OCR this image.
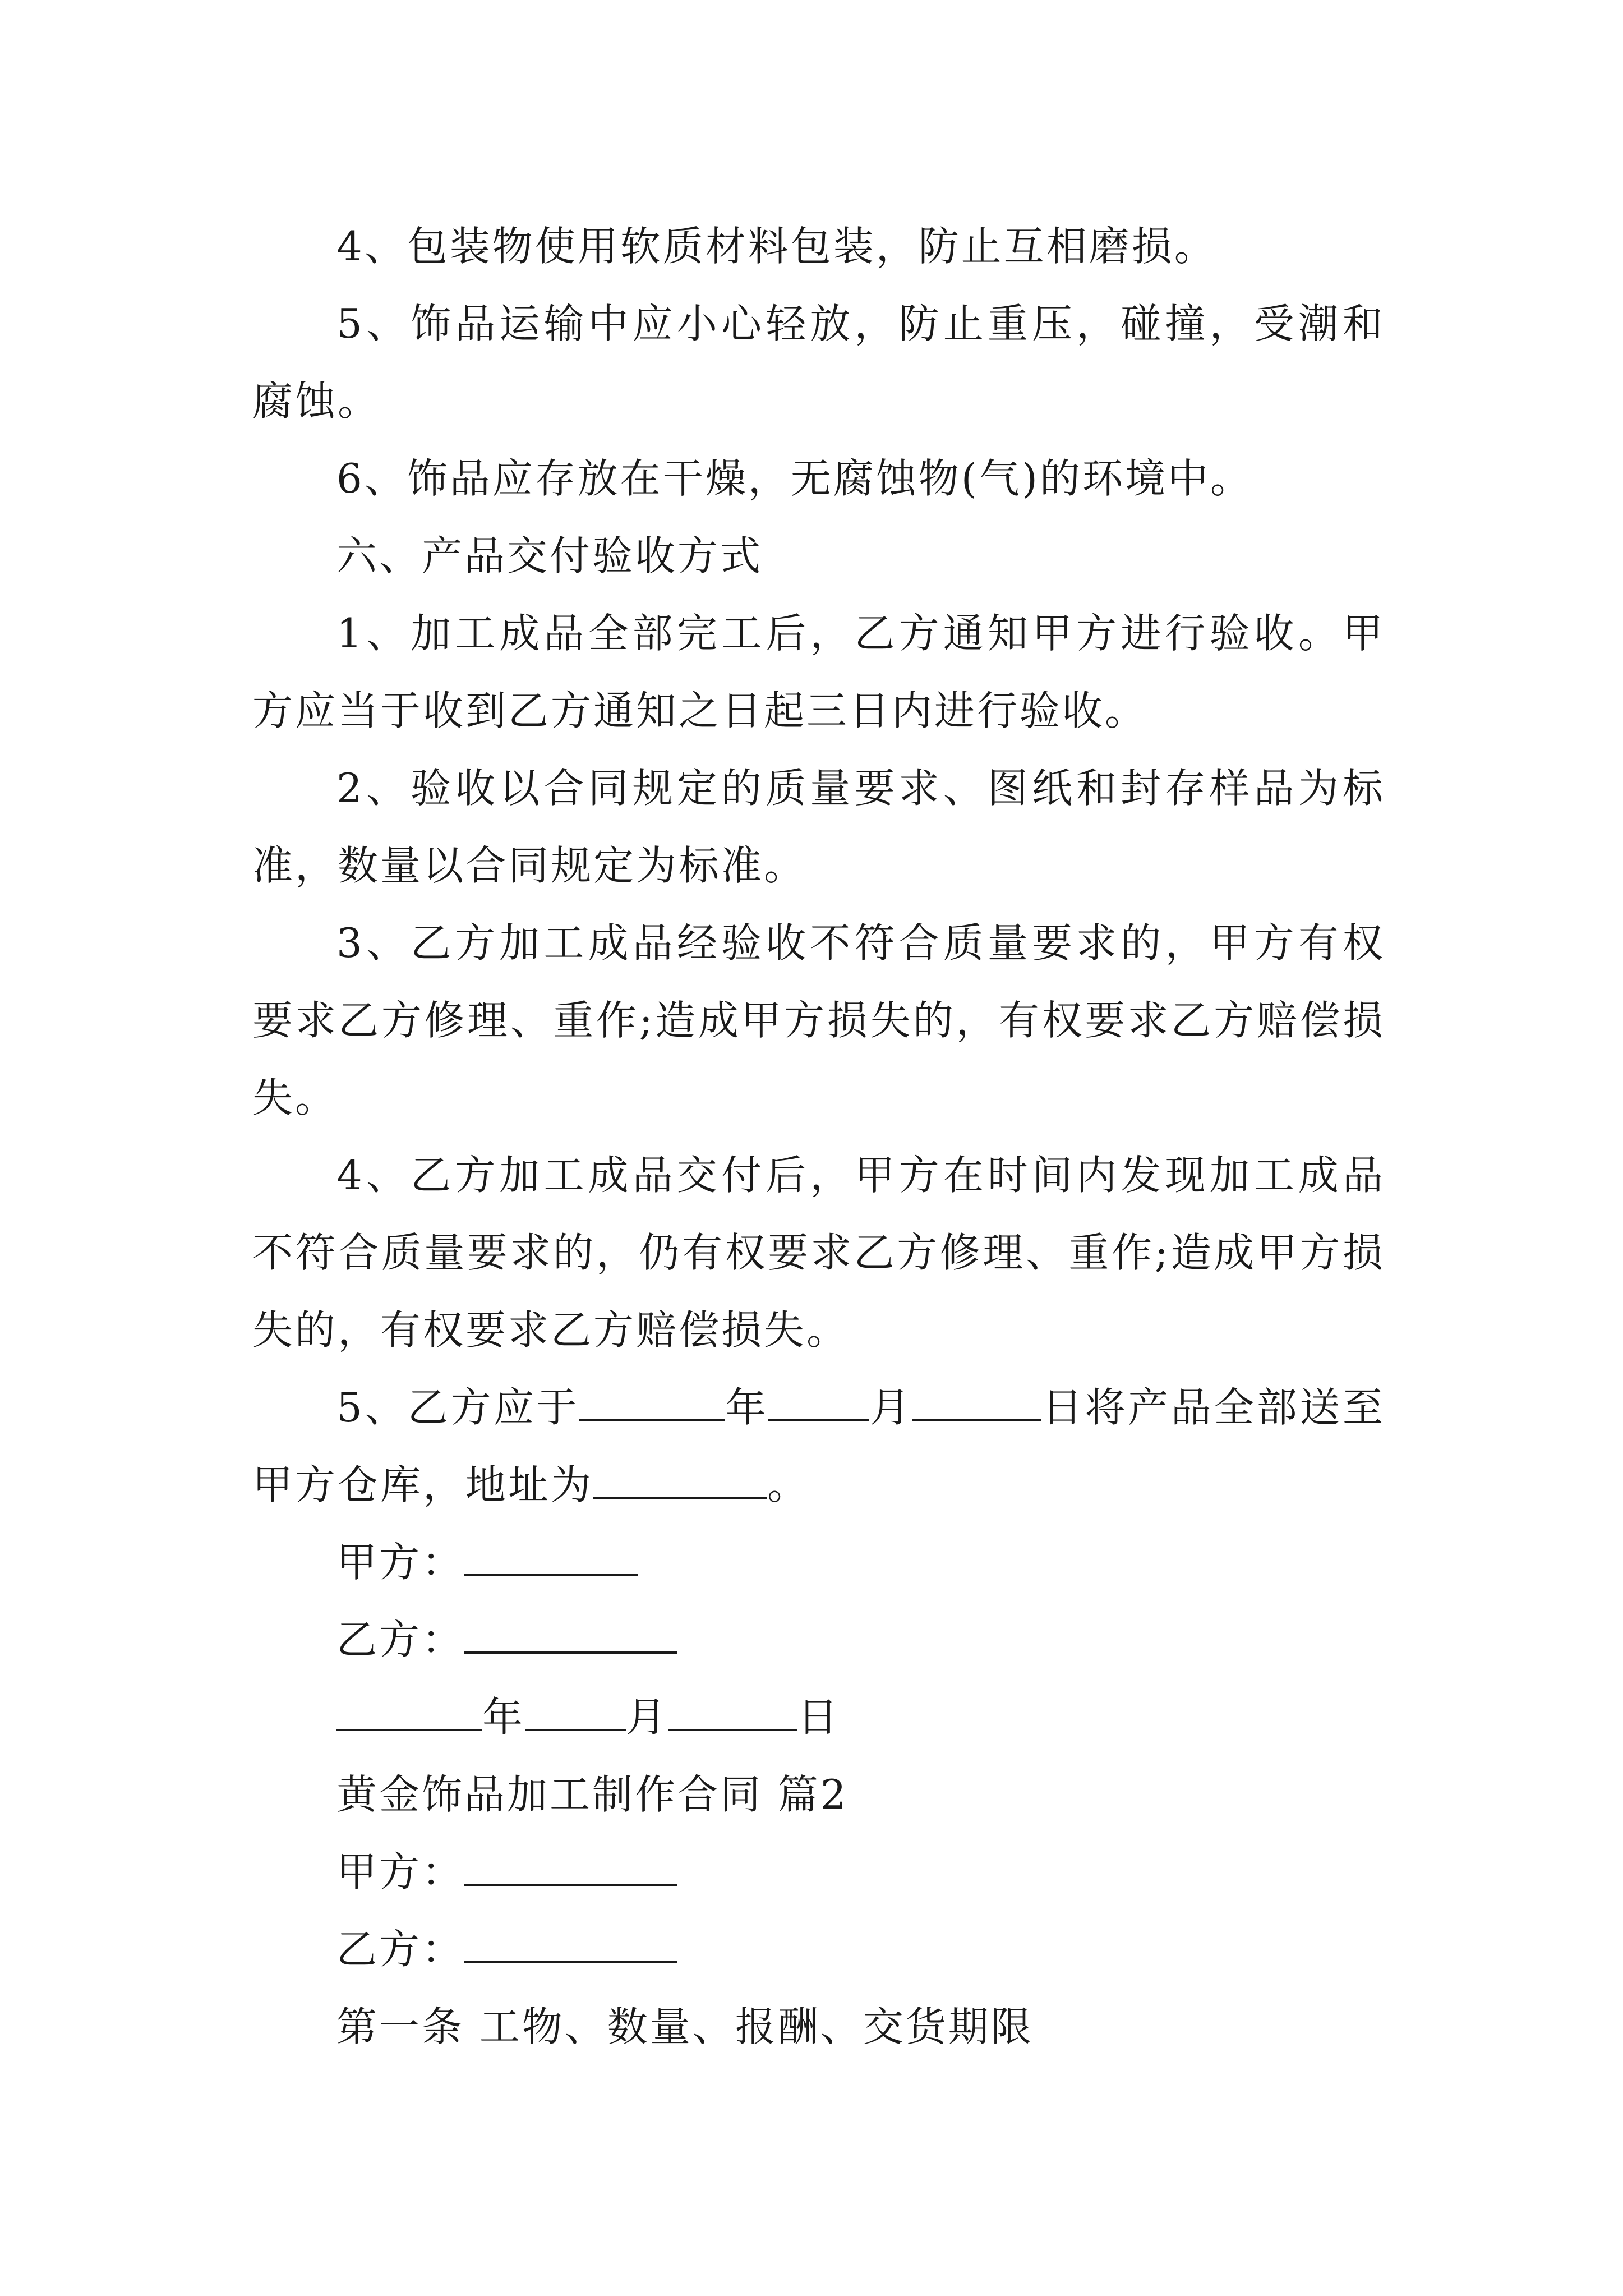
4、包装物使用软质材料包装，防止互相磨损。

5、饰品运输中应小心轻放，防止重压，碰撞，受潮和腐蚀。

6、饰品应存放在干燥，无腐蚀物(气)的环境中。

六、产品交付验收方式

1、加工成品全部完工后，乙方通知甲方进行验收。甲方应当于收到乙方通知之日起三日内进行验收。

2、验收以合同规定的质量要求、图纸和封存样品为标准，数量以合同规定为标准。

3、乙方加工成品经验收不符合质量要求的，甲方有权要求乙方修理、重作;造成甲方损失的，有权要求乙方赔偿损失。

4、乙方加工成品交付后，甲方在时间内发现加工成品不符合质量要求的，仍有权要求乙方修理、重作;造成甲方损失的，有权要求乙方赔偿损失。

5、乙方应于	年	月	日将产品全部送至甲方仓库，地址为	。

甲方：

乙方：

年	月	日

黄金饰品加工制作合同 篇2

甲方：

乙方：

第一条 工物、数量、报酬、交货期限
